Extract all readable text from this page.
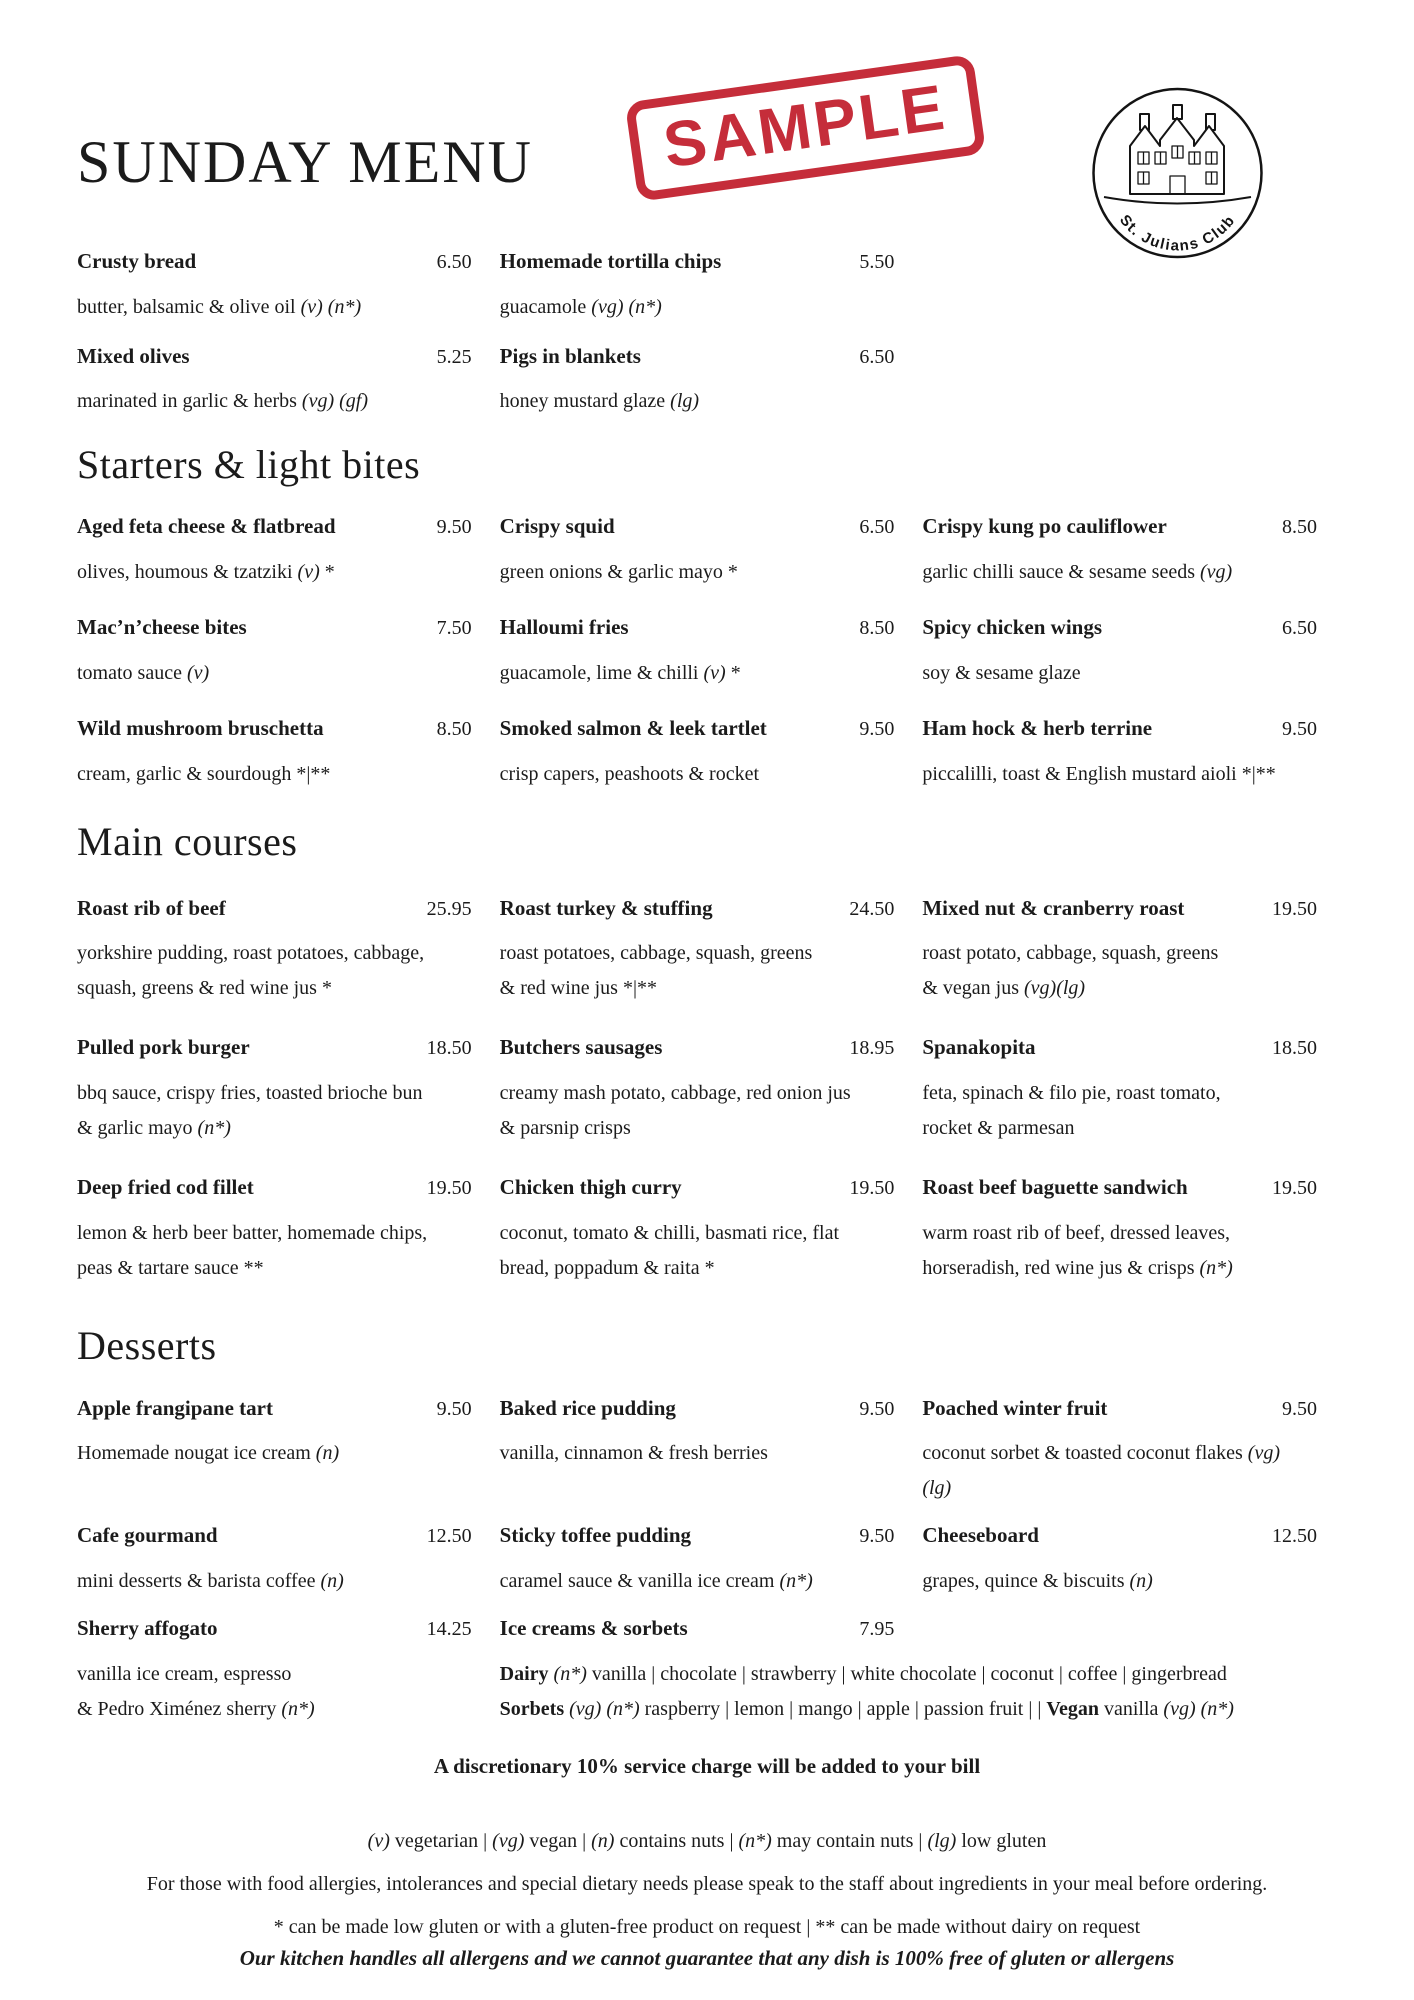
SUNDAY MENU	SAMPLE
St. Julians Club
Crusty bread	6.50
butter, balsamic & olive oil (v) (n*)
Homemade tortilla chips	5.50
guacamole (vg) (n*)
Mixed olives	5.25
marinated in garlic & herbs (vg) (gf)
Pigs in blankets	6.50
honey mustard glaze (lg)
Starters & light bites
Aged feta cheese & flatbread	9.50
olives, houmous & tzatziki (v) *
Crispy squid	6.50
green onions & garlic mayo *
Crispy kung po cauliflower	8.50
garlic chilli sauce & sesame seeds (vg)
Mac’n’cheese bites	7.50
tomato sauce (v)
Halloumi fries	8.50
guacamole, lime & chilli (v) *
Spicy chicken wings	6.50
soy & sesame glaze
Wild mushroom bruschetta	8.50
cream, garlic & sourdough *|**
Smoked salmon & leek tartlet	9.50
crisp capers, peashoots & rocket
Ham hock & herb terrine	9.50
piccalilli, toast & English mustard aioli *|**
Main courses
Roast rib of beef	25.95
yorkshire pudding, roast potatoes, cabbage,
squash, greens & red wine jus *
Roast turkey & stuffing	24.50
roast potatoes, cabbage, squash, greens
& red wine jus *|**
Mixed nut & cranberry roast	19.50
roast potato, cabbage, squash, greens
& vegan jus (vg)(lg)
Pulled pork burger	18.50
bbq sauce, crispy fries, toasted brioche bun
& garlic mayo (n*)
Butchers sausages	18.95
creamy mash potato, cabbage, red onion jus
& parsnip crisps
Spanakopita	18.50
feta, spinach & filo pie, roast tomato,
rocket & parmesan
Deep fried cod fillet	19.50
lemon & herb beer batter, homemade chips,
peas & tartare sauce **
Chicken thigh curry	19.50
coconut, tomato & chilli, basmati rice, flat
bread, poppadum & raita *
Roast beef baguette sandwich	19.50
warm roast rib of beef, dressed leaves,
horseradish, red wine jus & crisps (n*)
Desserts
Apple frangipane tart	9.50
Homemade nougat ice cream (n)
Baked rice pudding	9.50
vanilla, cinnamon & fresh berries
Poached winter fruit	9.50
coconut sorbet & toasted coconut flakes (vg)
(lg)
Cafe gourmand	12.50
mini desserts & barista coffee (n)
Sticky toffee pudding	9.50
caramel sauce & vanilla ice cream (n*)
Cheeseboard	12.50
grapes, quince & biscuits (n)
Sherry affogato	14.25
vanilla ice cream, espresso
& Pedro Ximénez sherry (n*)
Ice creams & sorbets	7.95
Dairy (n*) vanilla | chocolate | strawberry | white chocolate | coconut | coffee | gingerbread
Sorbets (vg) (n*) raspberry | lemon | mango | apple | passion fruit | | Vegan vanilla (vg) (n*)
A discretionary 10% service charge will be added to your bill
(v) vegetarian | (vg) vegan | (n) contains nuts | (n*) may contain nuts | (lg) low gluten
For those with food allergies, intolerances and special dietary needs please speak to the staff about ingredients in your meal before ordering.
* can be made low gluten or with a gluten-free product on request | ** can be made without dairy on request
Our kitchen handles all allergens and we cannot guarantee that any dish is 100% free of gluten or allergens
